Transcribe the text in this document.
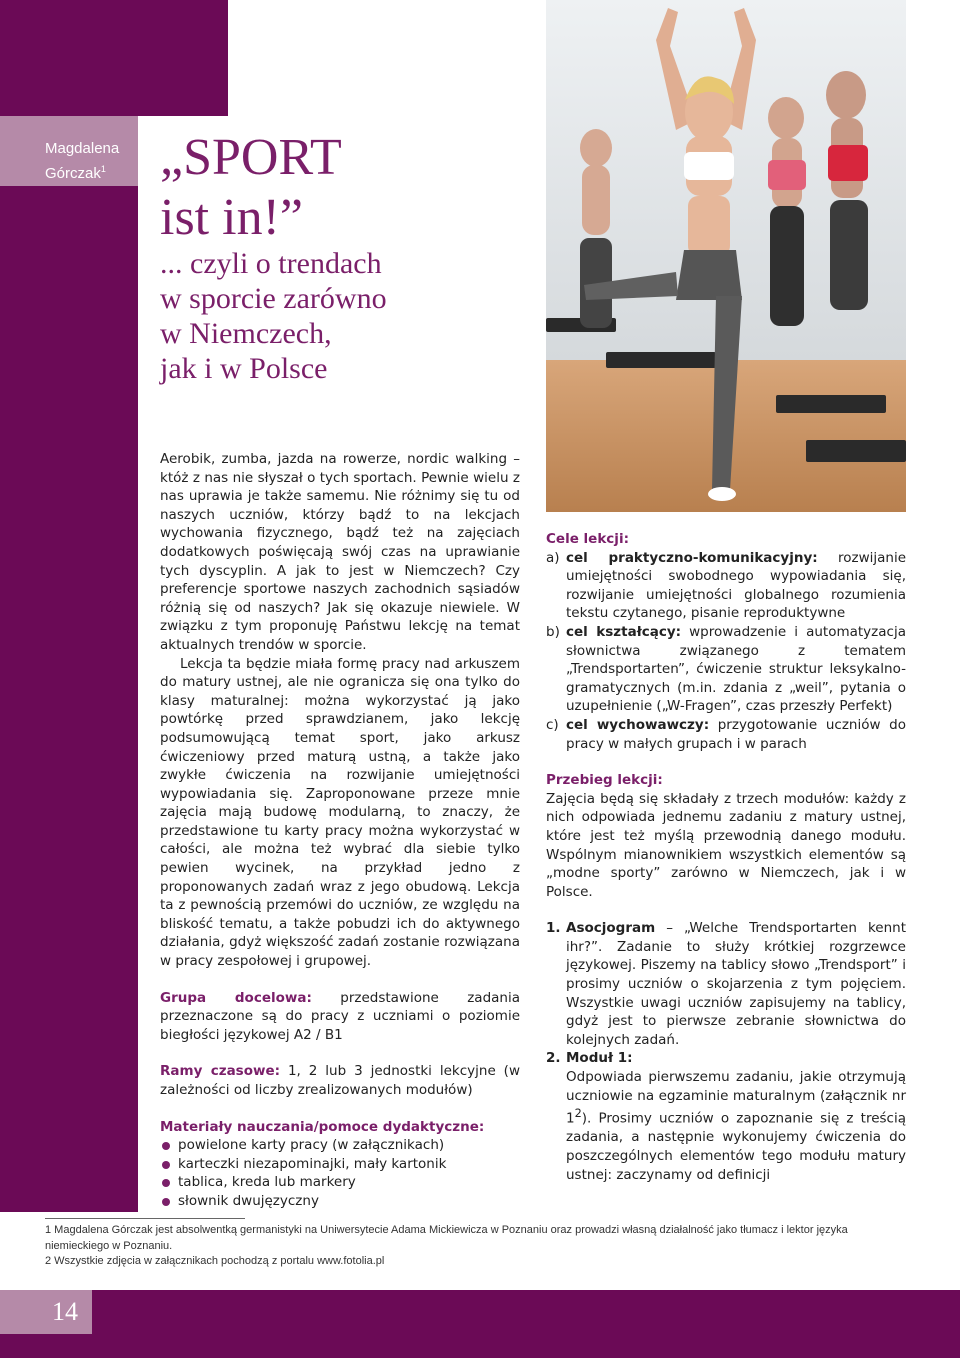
Magdalena
Górczak$^1$	„SPORT
ist in!”
... czyli o trendach
w sporcie zarówno
w Niemczech,
jak i w Polsce

Aerobik, zumba, jazda na rowerze, nordic walking – któż z nas nie słyszał o tych sportach. Pewnie wielu z nas uprawia je także samemu. Nie różnimy się tu od naszych uczniów, którzy bądź to na lekcjach wychowania fizycznego, bądź też na zajęciach dodatkowych poświęcają swój czas na uprawianie tych dyscyplin. A jak to jest w Niemczech? Czy preferencje sportowe naszych zachodnich sąsiadów różnią się od naszych? Jak się okazuje niewiele. W związku z tym proponuję Państwu lekcję na temat aktualnych trendów w sporcie.

Lekcja ta będzie miała formę pracy nad arkuszem do matury ustnej, ale nie ogranicza się ona tylko do klasy maturalnej: można wykorzystać ją jako powtórkę przed sprawdzianem, jako lekcję podsumowującą temat sport, jako arkusz ćwiczeniowy przed maturą ustną, a także jako zwykłe ćwiczenia na rozwijanie umiejętności wypowiadania się. Zaproponowane przeze mnie zajęcia mają budowę modularną, to znaczy, że przedstawione tu karty pracy można wykorzystać w całości, ale można też wybrać dla siebie tylko pewien wycinek, na przykład jedno z proponowanych zadań wraz z jego obudową. Lekcja ta z pewnością przemówi do uczniów, ze względu na bliskość tematu, a także pobudzi ich do aktywnego działania, gdyż większość zadań zostanie rozwiązana w pracy zespołowej i grupowej.

Grupa docelowa: przedstawione zadania przeznaczone są do pracy z uczniami o poziomie biegłości językowej A2 / B1

Ramy czasowe: 1, 2 lub 3 jednostki lekcyjne (w zależności od liczby zrealizowanych modułów)

Materiały nauczania/pomoce dydaktyczne:
powielone karty pracy (w załącznikach)
karteczki niezapominajki, mały kartonik
tablica, kreda lub markery
słownik dwujęzyczny
Cele lekcji:
a) cel praktyczno-komunikacyjny: rozwijanie umiejętności swobodnego wypowiadania się, rozwijanie umiejętności globalnego rozumienia tekstu czytanego, pisanie reproduktywne
b) cel kształcący: wprowadzenie i automatyzacja słownictwa związanego z tematem „Trendsportarten”, ćwiczenie struktur leksykalno-gramatycznych (m.in. zdania z „weil”, pytania o uzupełnienie („W-Fragen”, czas przeszły Perfekt)
c) cel wychowawczy: przygotowanie uczniów do pracy w małych grupach i w parach
Przebieg lekcji:

Zajęcia będą się składały z trzech modułów: każdy z nich odpowiada jednemu zadaniu z matury ustnej, które jest też myślą przewodnią danego modułu. Wspólnym mianownikiem wszystkich elementów są „modne sporty” zarówno w Niemczech, jak i w Polsce.

1. Asocjogram – „Welche Trendsportarten kennt ihr?”. Zadanie to służy krótkiej rozgrzewce językowej. Piszemy na tablicy słowo „Trendsport” i prosimy uczniów o skojarzenia z tym pojęciem. Wszystkie uwagi uczniów zapisujemy na tablicy, gdyż jest to pierwsze zebranie słownictwa do kolejnych zadań.
2. Moduł 1:
Odpowiada pierwszemu zadaniu, jakie otrzymują uczniowie na egzaminie maturalnym (załącznik nr $1^2$). Prosimy uczniów o zapoznanie się z treścią zadania, a następnie wykonujemy ćwiczenia do poszczególnych elementów tego modułu matury ustnej: zaczynamy od definicji
1 Magdalena Górczak jest absolwentką germanistyki na Uniwersytecie Adama Mickiewicza w Poznaniu oraz prowadzi własną działalność jako tłumacz i lektor języka niemieckiego w Poznaniu.
2 Wszystkie zdjęcia w załącznikach pochodzą z portalu www.fotolia.pl
14
